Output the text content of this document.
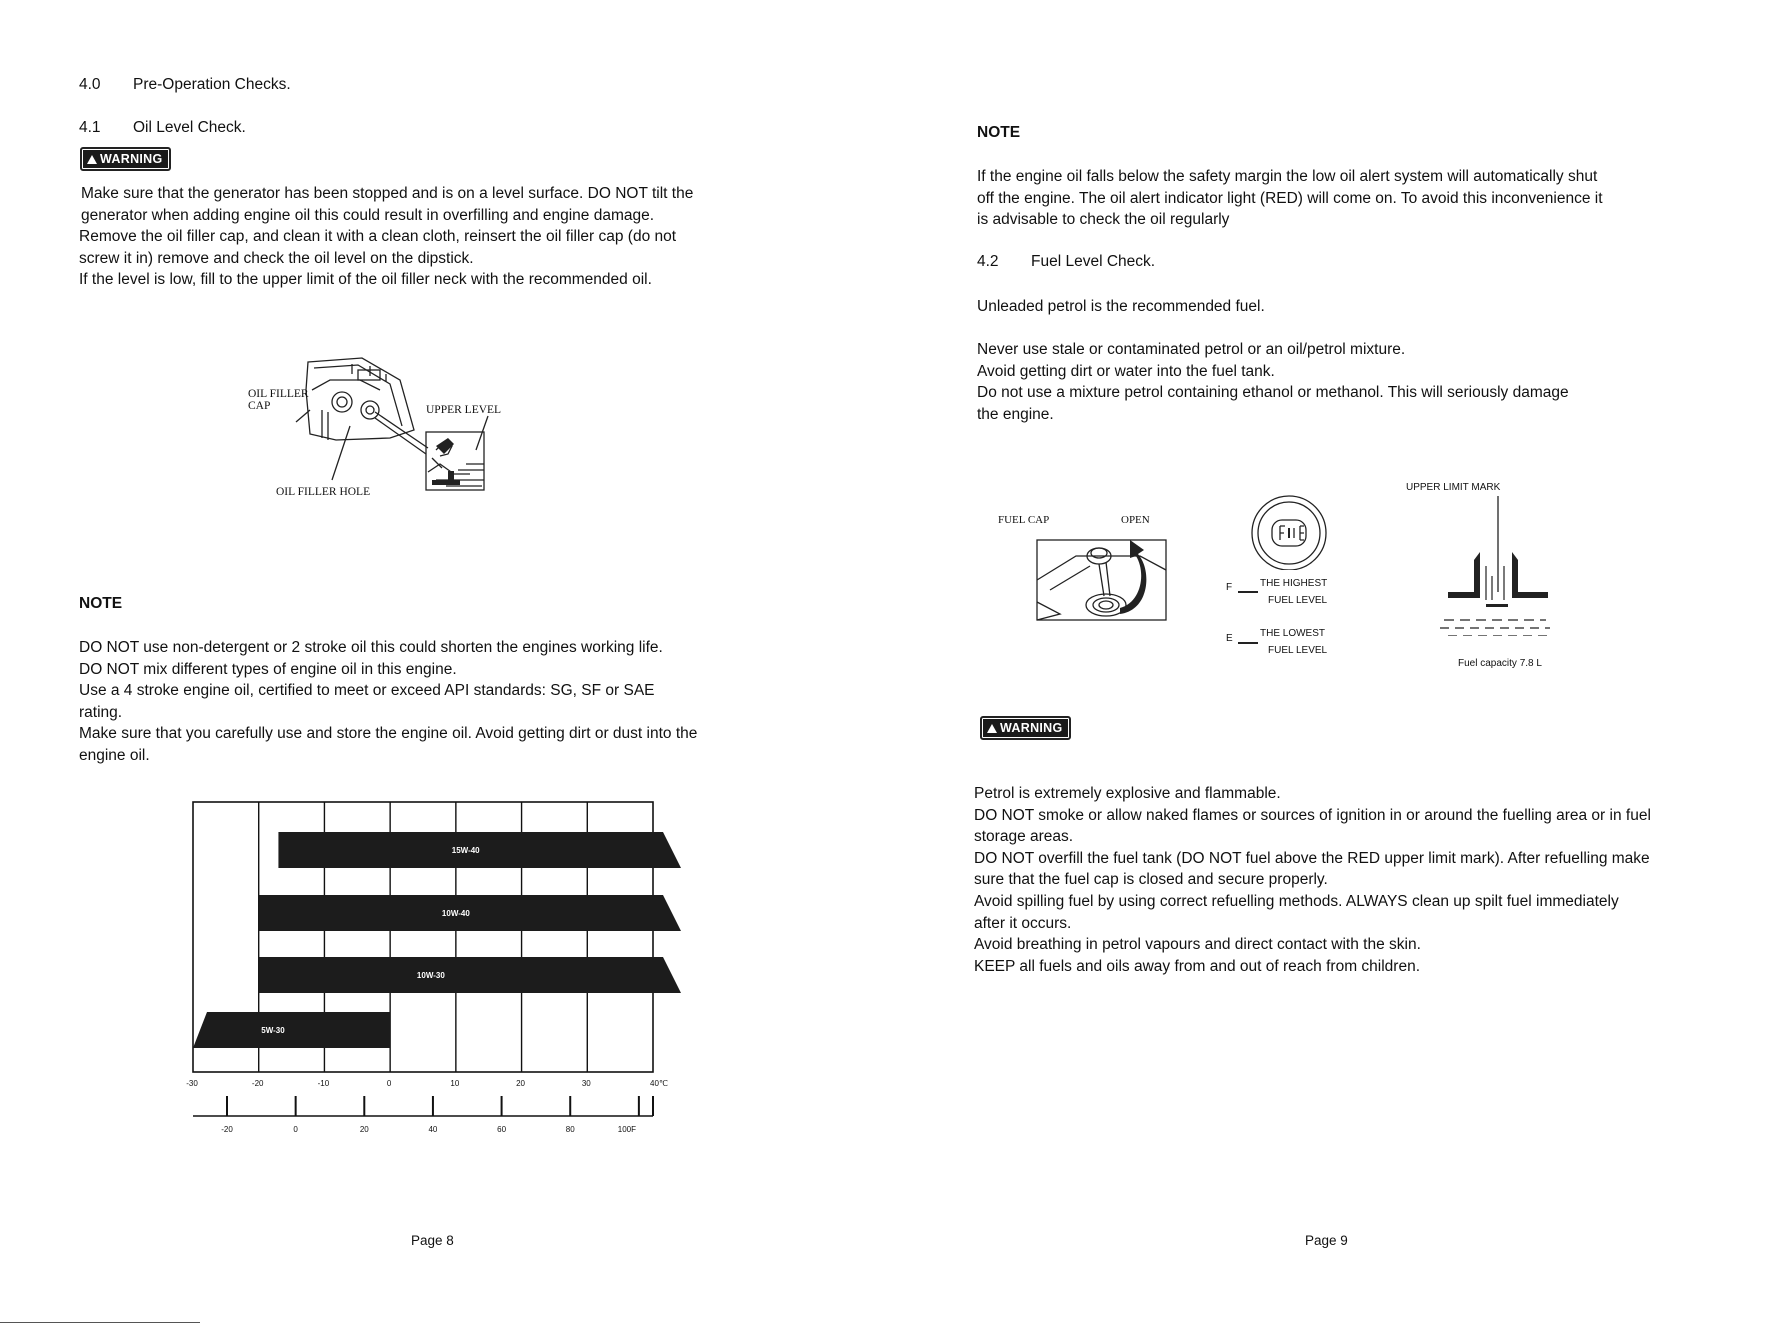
4.0 Pre-Operation Checks.
4.1 Oil Level Check.
WARNING
Make sure that the generator has been stopped and is on a level surface. DO NOT tilt the
generator when adding engine oil this could result in overfilling and engine damage.
Remove the oil filler cap, and clean it with a clean cloth, reinsert the oil filler cap (do not
screw it in) remove and check the oil level on the dipstick.
If the level is low, fill to the upper limit of the oil filler neck with the recommended oil.
OIL FILLER
CAP	UPPER LEVEL
OIL FILLER HOLE
NOTE
DO NOT use non-detergent or 2 stroke oil this could shorten the engines working life.
DO NOT mix different types of engine oil in this engine.
Use a 4 stroke engine oil, certified to meet or exceed API standards: SG, SF or SAE
rating.
Make sure that you carefully use and store the engine oil. Avoid getting dirt or dust into the
engine oil.
15W-40
10W-40
10W-30
5W-30
-30	-20	-10	0	10	20	30	40℃
-20	0	20	40	60	80	100F
Page 8
NOTE
If the engine oil falls below the safety margin the low oil alert system will automatically shut
off the engine. The oil alert indicator light (RED) will come on. To avoid this inconvenience it
is advisable to check the oil regularly
4.2 Fuel Level Check.
Unleaded petrol is the recommended fuel.
Never use stale or contaminated petrol or an oil/petrol mixture.
Avoid getting dirt or water into the fuel tank.
Do not use a mixture petrol containing ethanol or methanol. This will seriously damage
the engine.
FUEL CAP	OPEN
F	THE HIGHEST
FUEL LEVEL
E	THE LOWEST
FUEL LEVEL
UPPER LIMIT MARK
Fuel capacity 7.8 L
WARNING
Petrol is extremely explosive and flammable.
DO NOT smoke or allow naked flames or sources of ignition in or around the fuelling area or in fuel
storage areas.
DO NOT overfill the fuel tank (DO NOT fuel above the RED upper limit mark). After refuelling make
sure that the fuel cap is closed and secure properly.
Avoid spilling fuel by using correct refuelling methods. ALWAYS clean up spilt fuel immediately
after it occurs.
Avoid breathing in petrol vapours and direct contact with the skin.
KEEP all fuels and oils away from and out of reach from children.
Page 9
